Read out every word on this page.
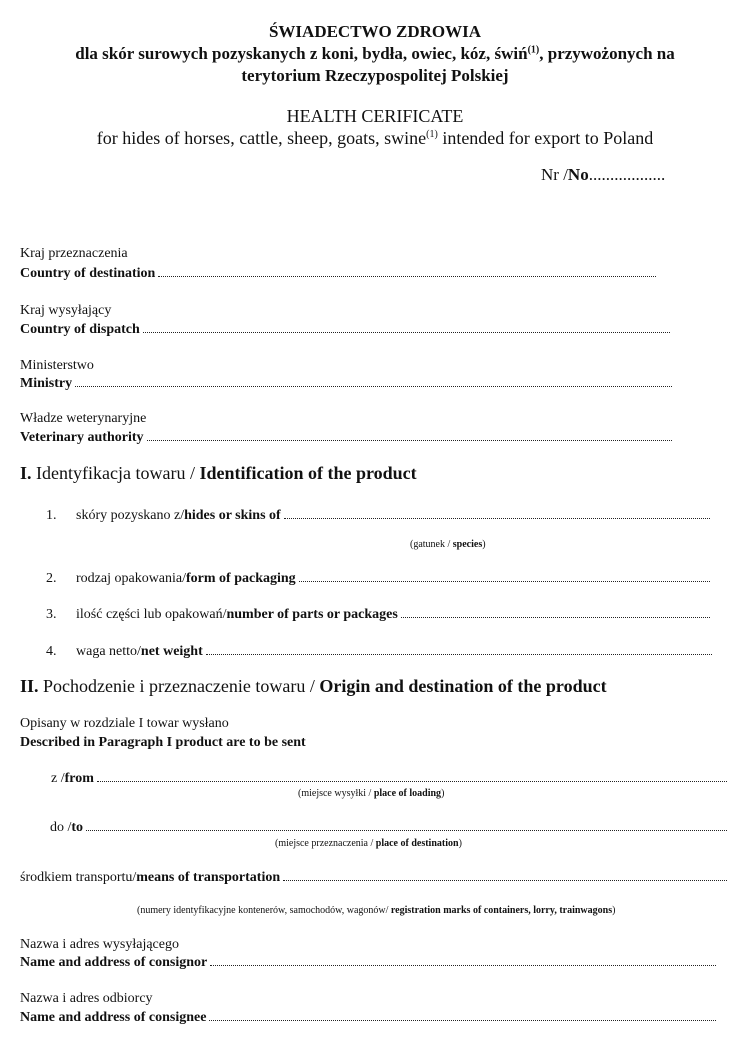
ŚWIADECTWO ZDROWIA
dla skór surowych pozyskanych z koni, bydła, owiec, kóz, świń$^{(1)}$, przywożonych na
terytorium Rzeczypospolitej Polskiej
HEALTH CERIFICATE
for hides of horses, cattle, sheep, goats, swine$^{(1)}$ intended for export to Poland
Nr /No..................
Kraj przeznaczenia
Country of destination
Kraj wysyłający
Country of dispatch
Ministerstwo
Ministry
Władze weterynaryjne
Veterinary authority
I. Identyfikacja towaru / Identification of the product
1.	skóry pozyskano z/ hides or skins of
(gatunek / species)
2.	rodzaj opakowania/ form of packaging
3.	ilość części lub opakowań/ number of parts or packages
4.	waga netto/ net weight
II. Pochodzenie i przeznaczenie towaru / Origin and destination of the product
Opisany w rozdziale I towar wysłano
Described in Paragraph I product are to be sent
z / from
(miejsce wysyłki / place of loading)
do / to
(miejsce przeznaczenia / place of destination)
środkiem transportu/ means of transportation
(numery identyfikacyjne kontenerów, samochodów, wagonów/ registration marks of containers, lorry, trainwagons)
Nazwa i adres wysyłającego
Name and address of consignor
Nazwa i adres odbiorcy
Name and address of consignee
